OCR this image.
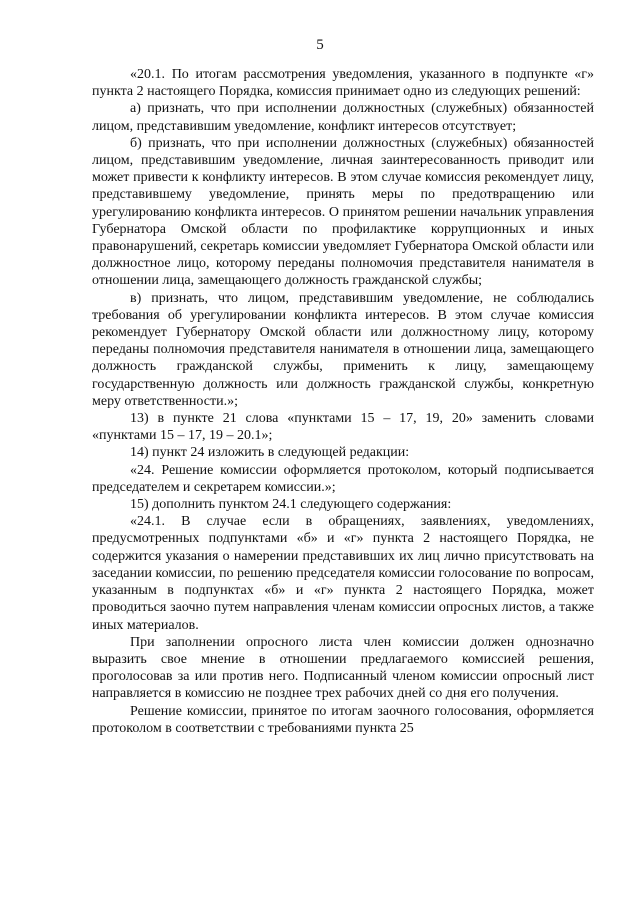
5

«20.1. По итогам рассмотрения уведомления, указанного в подпункте «г» пункта 2 настоящего Порядка, комиссия принимает одно из следующих решений:

а) признать, что при исполнении должностных (служебных) обязанностей лицом, представившим уведомление, конфликт интересов отсутствует;

б) признать, что при исполнении должностных (служебных) обязанностей лицом, представившим уведомление, личная заинтересованность приводит или может привести к конфликту интересов. В этом случае комиссия рекомендует лицу, представившему уведомление, принять меры по предотвращению или урегулированию конфликта интересов. О принятом решении начальник управления Губернатора Омской области по профилактике коррупционных и иных правонарушений, секретарь комиссии уведомляет Губернатора Омской области или должностное лицо, которому переданы полномочия представителя нанимателя в отношении лица, замещающего должность гражданской службы;

в) признать, что лицом, представившим уведомление, не соблюдались требования об урегулировании конфликта интересов. В этом случае комиссия рекомендует Губернатору Омской области или должностному лицу, которому переданы полномочия представителя нанимателя в отношении лица, замещающего должность гражданской службы, применить к лицу, замещающему государственную должность или должность гражданской службы, конкретную меру ответственности.»;

13) в пункте 21 слова «пунктами 15 – 17, 19, 20» заменить словами «пунктами 15 – 17, 19 – 20.1»;

14) пункт 24 изложить в следующей редакции:

«24. Решение комиссии оформляется протоколом, который подписывается председателем и секретарем комиссии.»;

15) дополнить пунктом 24.1 следующего содержания:

«24.1. В случае если в обращениях, заявлениях, уведомлениях, предусмотренных подпунктами «б» и «г» пункта 2 настоящего Порядка, не содержится указания о намерении представивших их лиц лично присутствовать на заседании комиссии, по решению председателя комиссии голосование по вопросам, указанным в подпунктах «б» и «г» пункта 2 настоящего Порядка, может проводиться заочно путем направления членам комиссии опросных листов, а также иных материалов.

При заполнении опросного листа член комиссии должен однозначно выразить свое мнение в отношении предлагаемого комиссией решения, проголосовав за или против него. Подписанный членом комиссии опросный лист направляется в комиссию не позднее трех рабочих дней со дня его получения.

Решение комиссии, принятое по итогам заочного голосования, оформляется протоколом в соответствии с требованиями пункта 25
